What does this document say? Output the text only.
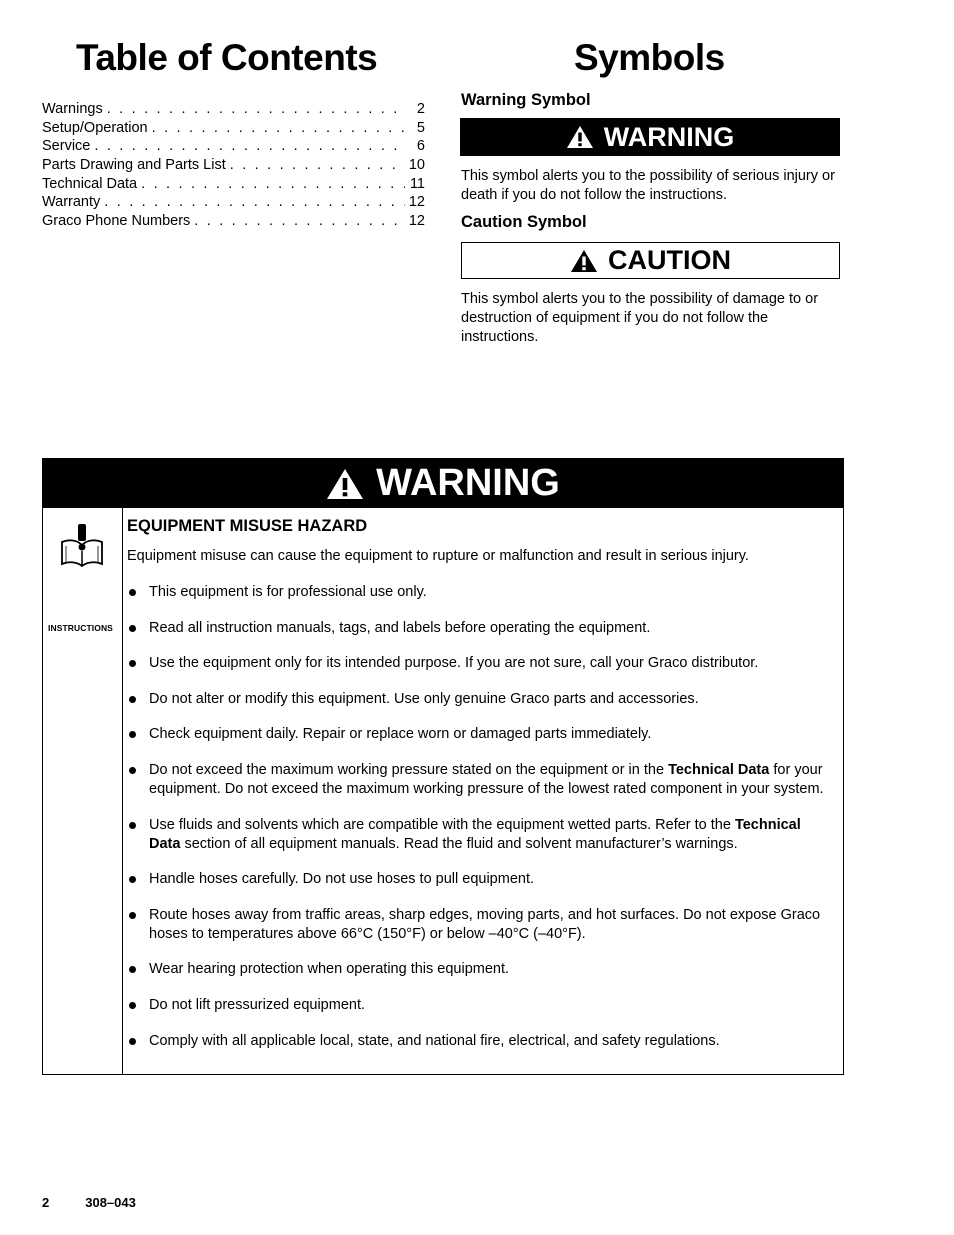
Table of Contents
Warnings . . .	2
Setup/Operation . . .	5
Service . . .	6
Parts Drawing and Parts List . . .	10
Technical Data . . .	11
Warranty . . .	12
Graco Phone Numbers . . .	12
Symbols
Warning Symbol
WARNING
This symbol alerts you to the possibility of serious injury or death if you do not follow the instructions.
Caution Symbol
CAUTION
This symbol alerts you to the possibility of damage to or destruction of equipment if you do not follow the instructions.
WARNING
INSTRUCTIONS
EQUIPMENT MISUSE HAZARD
Equipment misuse can cause the equipment to rupture or malfunction and result in serious injury.
This equipment is for professional use only.
Read all instruction manuals, tags, and labels before operating the equipment.
Use the equipment only for its intended purpose. If you are not sure, call your Graco distributor.
Do not alter or modify this equipment. Use only genuine Graco parts and accessories.
Check equipment daily. Repair or replace worn or damaged parts immediately.
Do not exceed the maximum working pressure stated on the equipment or in the Technical Data for your equipment. Do not exceed the maximum working pressure of the lowest rated component in your system.
Use fluids and solvents which are compatible with the equipment wetted parts. Refer to the Technical Data section of all equipment manuals. Read the fluid and solvent manufacturer’s warnings.
Handle hoses carefully. Do not use hoses to pull equipment.
Route hoses away from traffic areas, sharp edges, moving parts, and hot surfaces. Do not expose Graco hoses to temperatures above 66°C (150°F) or below –40°C (–40°F).
Wear hearing protection when operating this equipment.
Do not lift pressurized equipment.
Comply with all applicable local, state, and national fire, electrical, and safety regulations.
2	308–043
